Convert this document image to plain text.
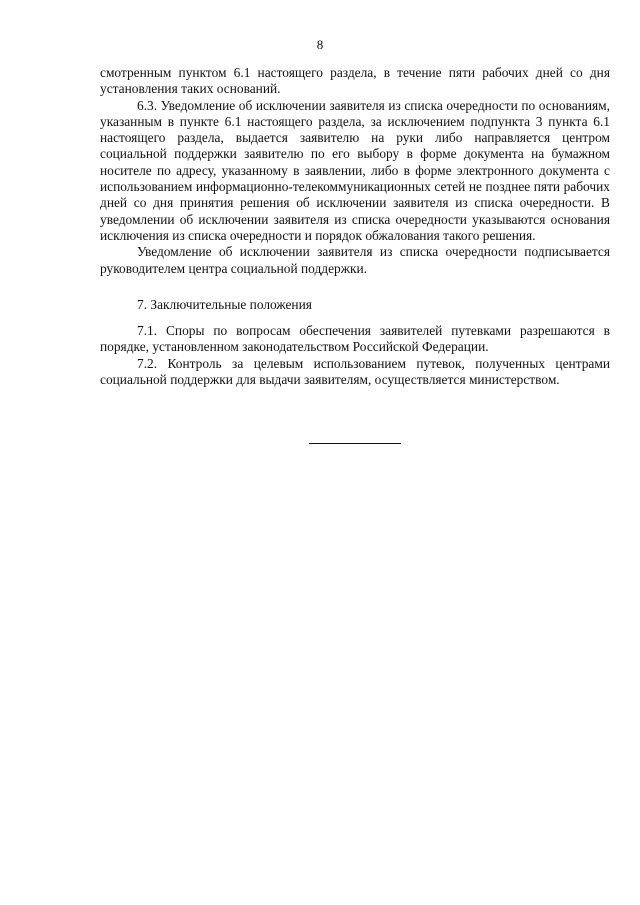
8

смотренным пунктом 6.1 настоящего раздела, в течение пяти рабочих дней со дня установления таких оснований.

6.3. Уведомление об исключении заявителя из списка очередности по основаниям, указанным в пункте 6.1 настоящего раздела, за исключением подпункта 3 пункта 6.1 настоящего раздела, выдается заявителю на руки либо направляется центром социальной поддержки заявителю по его выбору в форме документа на бумажном носителе по адресу, указанному в заявлении, либо в форме электронного документа с использованием информационно-телекоммуникационных сетей не позднее пяти рабочих дней со дня принятия решения об исключении заявителя из списка очередности. В уведомлении об исключении заявителя из списка очередности указываются основания исключения из списка очередности и порядок обжалования такого решения.

Уведомление об исключении заявителя из списка очередности подписывается руководителем центра социальной поддержки.

7. Заключительные положения

7.1. Споры по вопросам обеспечения заявителей путевками разрешаются в порядке, установленном законодательством Российской Федерации.

7.2. Контроль за целевым использованием путевок, полученных центрами социальной поддержки для выдачи заявителям, осуществляется министерством.
